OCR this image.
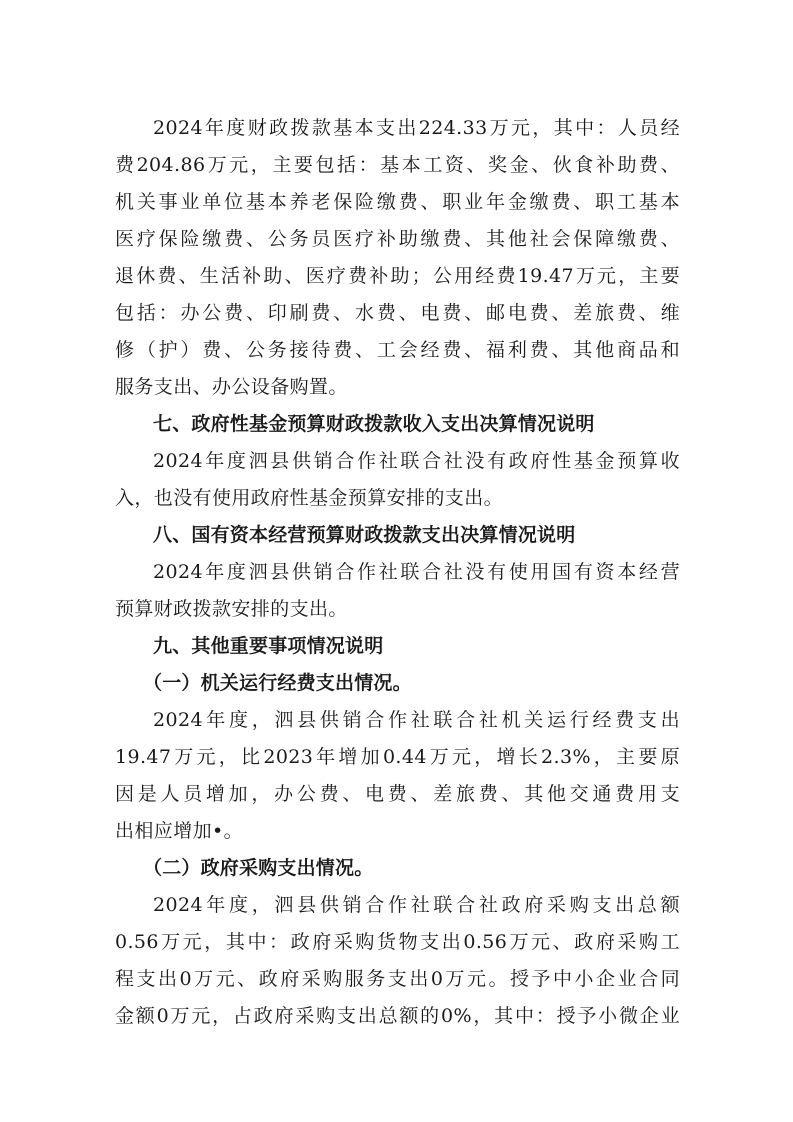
2024年度财政拨款基本支出224.33万元，其中：人员经
费204.86万元，主要包括：基本工资、奖金、伙食补助费、
机关事业单位基本养老保险缴费、职业年金缴费、职工基本
医疗保险缴费、公务员医疗补助缴费、其他社会保障缴费、
退休费、生活补助、医疗费补助；公用经费19.47万元，主要
包括：办公费、印刷费、水费、电费、邮电费、差旅费、维
修（护）费、公务接待费、工会经费、福利费、其他商品和
服务支出、办公设备购置。
七、政府性基金预算财政拨款收入支出决算情况说明
2024年度泗县供销合作社联合社没有政府性基金预算收
入，也没有使用政府性基金预算安排的支出。
八、国有资本经营预算财政拨款支出决算情况说明
2024年度泗县供销合作社联合社没有使用国有资本经营
预算财政拨款安排的支出。
九、其他重要事项情况说明
（一）机关运行经费支出情况。
2024年度，泗县供销合作社联合社机关运行经费支出
19.47万元，比2023年增加0.44万元，增长2.3%，主要原
因是人员增加，办公费、电费、差旅费、其他交通费用支
出相应增加•。
（二）政府采购支出情况。
2024年度，泗县供销合作社联合社政府采购支出总额
0.56万元，其中：政府采购货物支出0.56万元、政府采购工
程支出0万元、政府采购服务支出0万元。授予中小企业合同
金额0万元，占政府采购支出总额的0%，其中：授予小微企业
